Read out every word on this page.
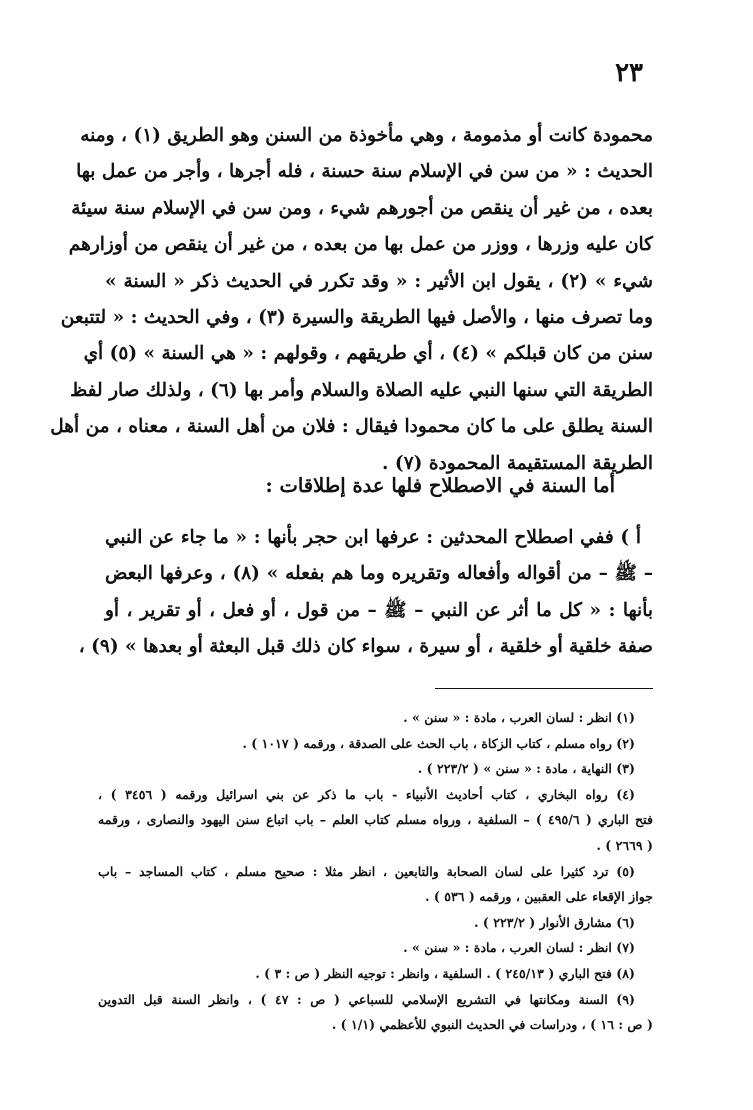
٢٣
محمودة كانت أو مذمومة ، وهي مأخوذة من السنن وهو الطريق (١) ، ومنه
الحديث : « من سن في الإسلام سنة حسنة ، فله أجرها ، وأجر من عمل بها
بعده ، من غير أن ينقص من أجورهم شيء ، ومن سن في الإسلام سنة سيئة
كان عليه وزرها ، ووزر من عمل بها من بعده ، من غير أن ينقص من أوزارهم
شيء » (٢) ، يقول ابن الأثير : « وقد تكرر في الحديث ذكر « السنة »
وما تصرف منها ، والأصل فيها الطريقة والسيرة (٣) ، وفي الحديث : « لتتبعن
سنن من كان قبلكم » (٤) ، أي طريقهم ، وقولهم : « هي السنة » (٥) أي
الطريقة التي سنها النبي عليه الصلاة والسلام وأمر بها (٦) ، ولذلك صار لفظ
السنة يطلق على ما كان محمودا فيقال : فلان من أهل السنة ، معناه ، من أهل
الطريقة المستقيمة المحمودة (٧) .
أما السنة في الاصطلاح فلها عدة إطلاقات :
أ ) ففي اصطلاح المحدثين : عرفها ابن حجر بأنها : « ما جاء عن النبي
– ﷺ – من أقواله وأفعاله وتقريره وما هم بفعله » (٨) ، وعرفها البعض
بأنها : « كل ما أثر عن النبي – ﷺ – من قول ، أو فعل ، أو تقرير ، أو
صفة خلقية أو خلقية ، أو سيرة ، سواء كان ذلك قبل البعثة أو بعدها » (٩) ،
(١) انظر : لسان العرب ، مادة : « سنن » .
(٢) رواه مسلم ، كتاب الزكاة ، باب الحث على الصدقة ، ورقمه ( ١٠١٧ ) .
(٣) النهاية ، مادة : « سنن » ( ٢٢٣/٢ ) .
(٤) رواه البخاري ، كتاب أحاديث الأنبياء - باب ما ذكر عن بني اسرائيل ورقمه ( ٣٤٥٦ ) ،
فتح الباري ( ٤٩٥/٦ ) – السلفية ، ورواه مسلم كتاب العلم – باب اتباع سنن اليهود والنصارى ، ورقمه
( ٢٦٦٩ ) .
(٥) ترد كثيرا على لسان الصحابة والتابعين ، انظر مثلا : صحيح مسلم ، كتاب المساجد – باب
جواز الإقعاء على العقبين ، ورقمه ( ٥٣٦ ) .
(٦) مشارق الأنوار ( ٢٢٣/٢ ) .
(٧) انظر : لسان العرب ، مادة : « سنن » .
(٨) فتح الباري ( ٢٤٥/١٣ ) . السلفية ، وانظر : توجيه النظر ( ص : ٣ ) .
(٩) السنة ومكانتها في التشريع الإسلامي للسباعي ( ص : ٤٧ ) ، وانظر السنة قبل التدوين
( ص : ١٦ ) ، ودراسات في الحديث النبوي للأعظمي (١/١ ) .
